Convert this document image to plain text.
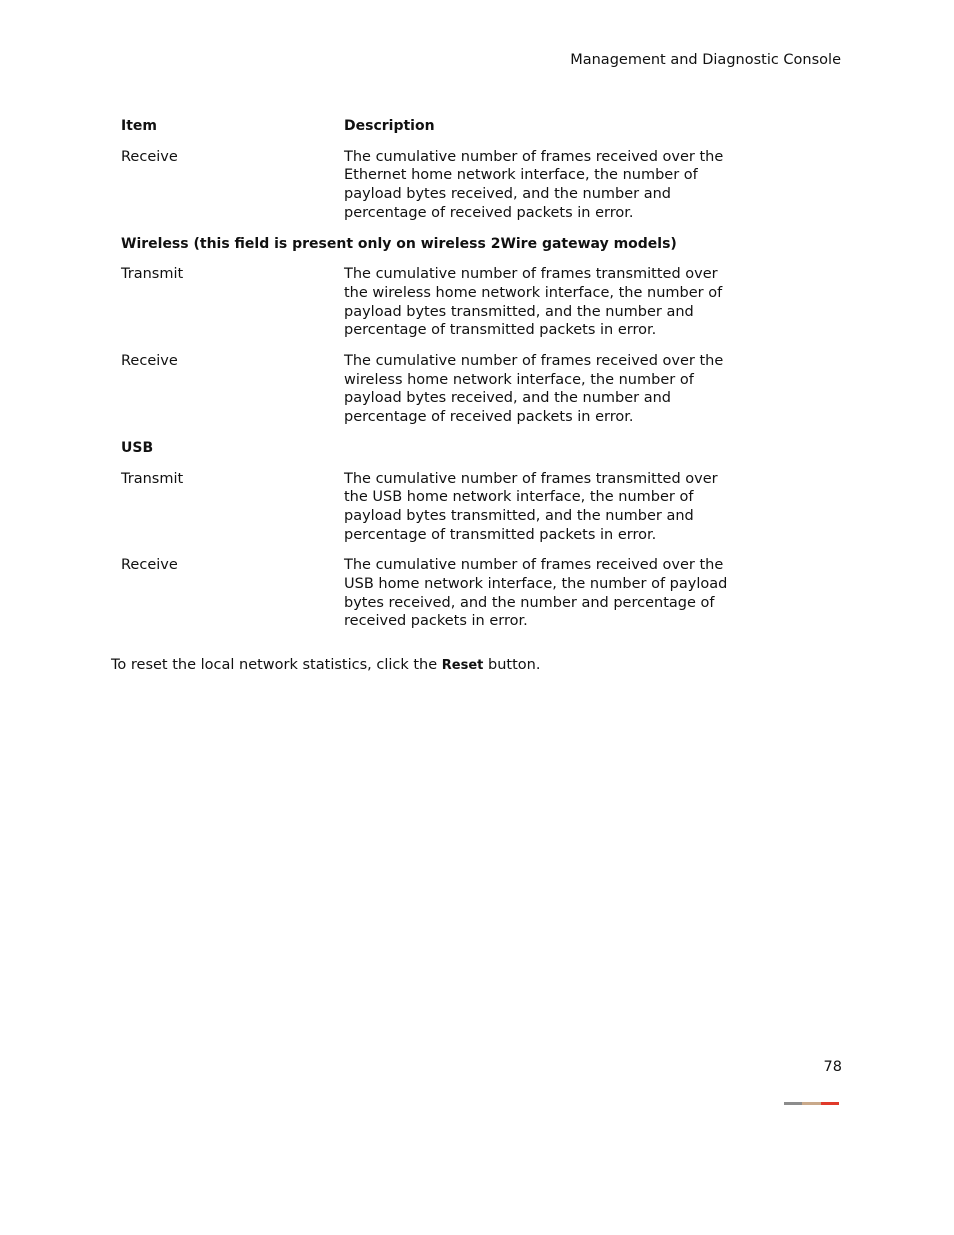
Management and Diagnostic Console
Item	Description
Receive	The cumulative number of frames received over the Ethernet home network interface, the number of payload bytes received, and the number and percentage of received packets in error.
Wireless (this field is present only on wireless 2Wire gateway models)
Transmit	The cumulative number of frames transmitted over the wireless home network interface, the number of payload bytes transmitted, and the number and percentage of transmitted packets in error.
Receive	The cumulative number of frames received over the wireless home network interface, the number of payload bytes received, and the number and percentage of received packets in error.
USB
Transmit	The cumulative number of frames transmitted over the USB home network interface, the number of payload bytes transmitted, and the number and percentage of transmitted packets in error.
Receive	The cumulative number of frames received over the USB home network interface, the number of payload bytes received, and the number and percentage of received packets in error.
To reset the local network statistics, click the Reset button.
78
